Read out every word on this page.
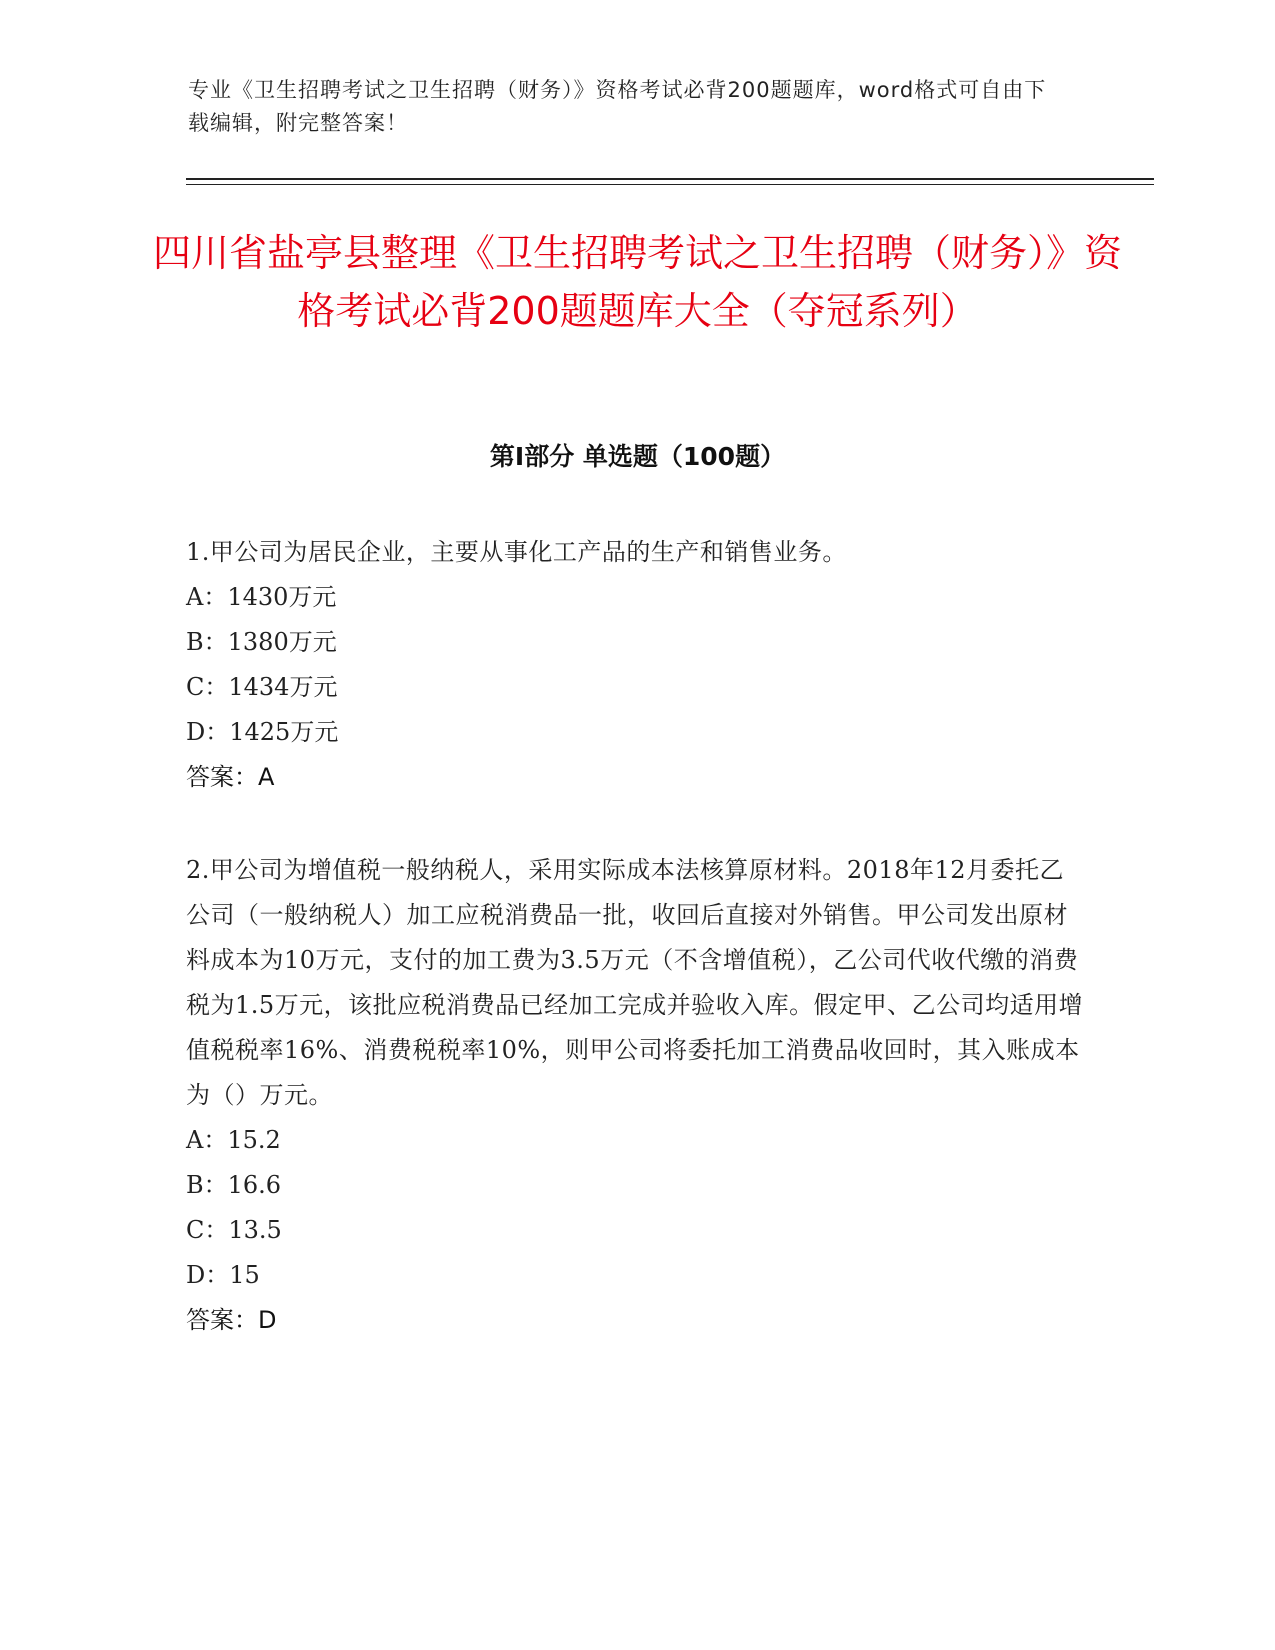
专业《卫生招聘考试之卫生招聘（财务）》资格考试必背200题题库，word格式可自由下载编辑，附完整答案！
四川省盐亭县整理《卫生招聘考试之卫生招聘（财务）》资格考试必背200题题库大全（夺冠系列）
第Ⅰ部分 单选题（100题）

1.甲公司为居民企业，主要从事化工产品的生产和销售业务。

A：1430万元

B：1380万元

C：1434万元

D：1425万元

答案：A

2.甲公司为增值税一般纳税人，采用实际成本法核算原材料。2018年12月委托乙公司（一般纳税人）加工应税消费品一批，收回后直接对外销售。甲公司发出原材料成本为10万元，支付的加工费为3.5万元（不含增值税），乙公司代收代缴的消费税为1.5万元，该批应税消费品已经加工完成并验收入库。假定甲、乙公司均适用增值税税率16%、消费税税率10%，则甲公司将委托加工消费品收回时，其入账成本为（）万元。

A：15.2

B：16.6

C：13.5

D：15

答案：D
